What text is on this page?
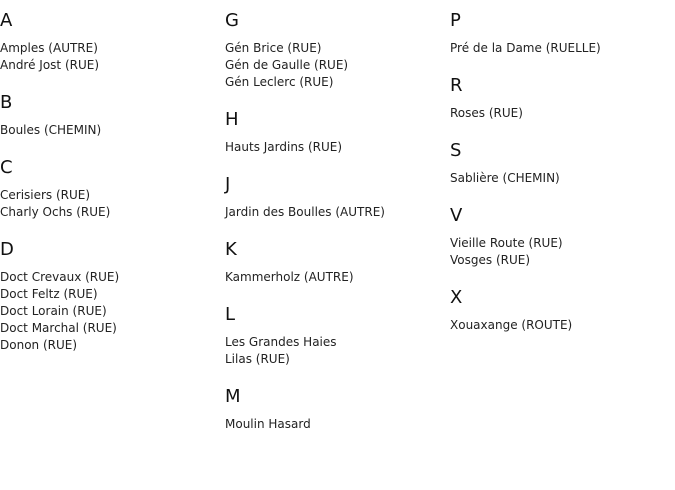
A
Amples (AUTRE)
André Jost (RUE)
B
Boules (CHEMIN)
C
Cerisiers (RUE)
Charly Ochs (RUE)
D
Doct Crevaux (RUE)
Doct Feltz (RUE)
Doct Lorain (RUE)
Doct Marchal (RUE)
Donon (RUE)
G
Gén Brice (RUE)
Gén de Gaulle (RUE)
Gén Leclerc (RUE)
H
Hauts Jardins (RUE)
J
Jardin des Boulles (AUTRE)
K
Kammerholz (AUTRE)
L
Les Grandes Haies
Lilas (RUE)
M
Moulin Hasard
P
Pré de la Dame (RUELLE)
R
Roses (RUE)
S
Sablière (CHEMIN)
V
Vieille Route (RUE)
Vosges (RUE)
X
Xouaxange (ROUTE)
